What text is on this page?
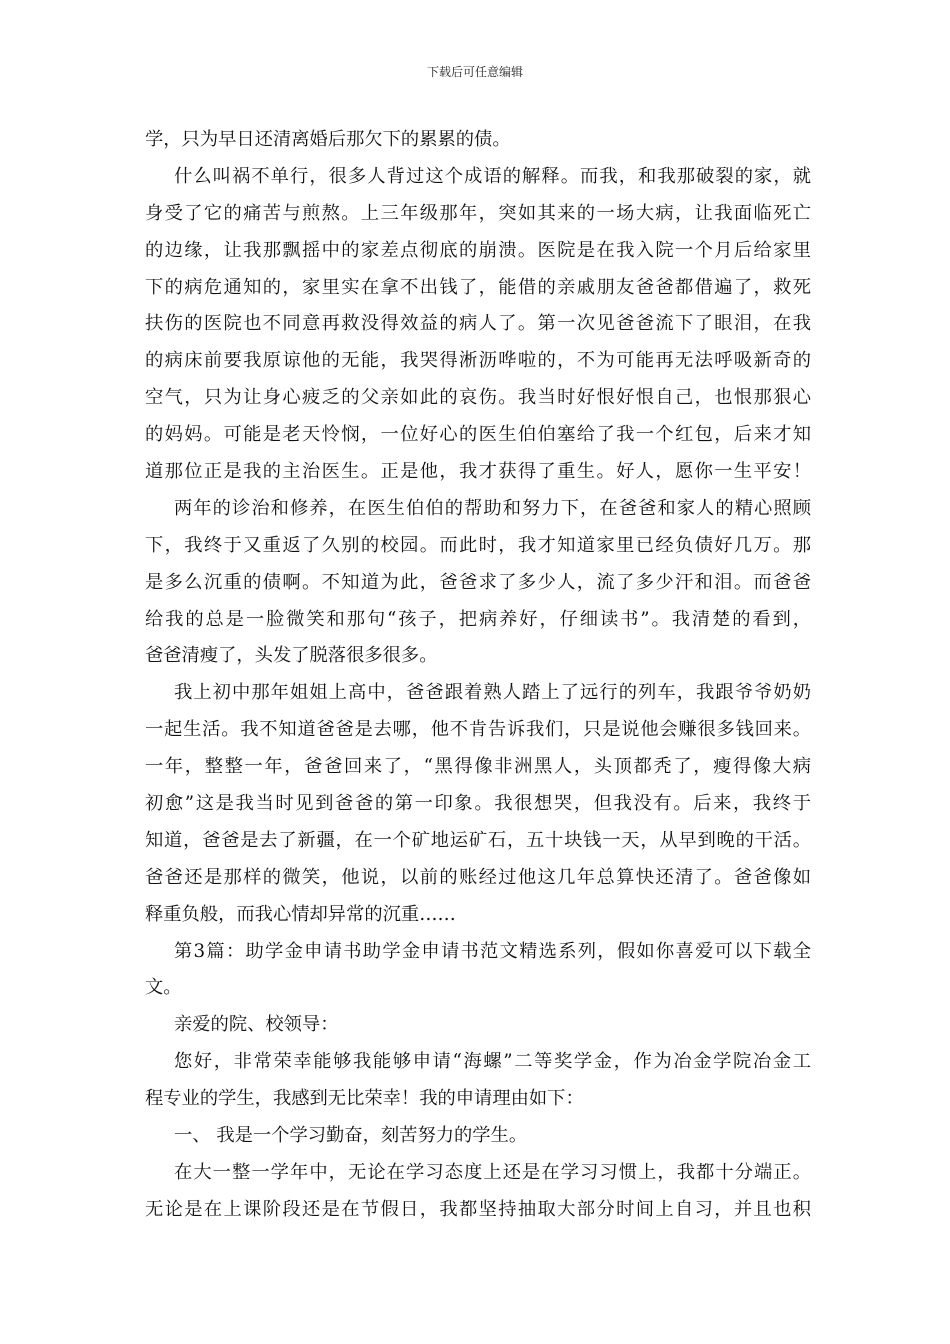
下载后可任意编辑
学，只为早日还清离婚后那欠下的累累的债。
什么叫祸不单行，很多人背过这个成语的解释。而我，和我那破裂的家，就
身受了它的痛苦与煎熬。上三年级那年，突如其来的一场大病，让我面临死亡
的边缘，让我那飘摇中的家差点彻底的崩溃。医院是在我入院一个月后给家里
下的病危通知的，家里实在拿不出钱了，能借的亲戚朋友爸爸都借遍了，救死
扶伤的医院也不同意再救没得效益的病人了。第一次见爸爸流下了眼泪，在我
的病床前要我原谅他的无能，我哭得淅沥哗啦的，不为可能再无法呼吸新奇的
空气，只为让身心疲乏的父亲如此的哀伤。我当时好恨好恨自己，也恨那狠心
的妈妈。可能是老天怜悯，一位好心的医生伯伯塞给了我一个红包，后来才知
道那位正是我的主治医生。正是他，我才获得了重生。好人，愿你一生平安！
两年的诊治和修养，在医生伯伯的帮助和努力下，在爸爸和家人的精心照顾
下，我终于又重返了久别的校园。而此时，我才知道家里已经负债好几万。那
是多么沉重的债啊。不知道为此，爸爸求了多少人，流了多少汗和泪。而爸爸
给我的总是一脸微笑和那句“孩子，把病养好，仔细读书”。我清楚的看到，
爸爸清瘦了，头发了脱落很多很多。
我上初中那年姐姐上高中，爸爸跟着熟人踏上了远行的列车，我跟爷爷奶奶
一起生活。我不知道爸爸是去哪，他不肯告诉我们，只是说他会赚很多钱回来。
一年，整整一年，爸爸回来了，“黑得像非洲黑人，头顶都秃了，瘦得像大病
初愈”这是我当时见到爸爸的第一印象。我很想哭，但我没有。后来，我终于
知道，爸爸是去了新疆，在一个矿地运矿石，五十块钱一天，从早到晚的干活。
爸爸还是那样的微笑，他说，以前的账经过他这几年总算快还清了。爸爸像如
释重负般，而我心情却异常的沉重……
第3篇：助学金申请书助学金申请书范文精选系列，假如你喜爱可以下载全
文。
亲爱的院、校领导：
您好，非常荣幸能够我能够申请“海螺”二等奖学金，作为冶金学院冶金工
程专业的学生，我感到无比荣幸！我的申请理由如下：
一、 我是一个学习勤奋，刻苦努力的学生。
在大一整一学年中，无论在学习态度上还是在学习习惯上，我都十分端正。
无论是在上课阶段还是在节假日，我都坚持抽取大部分时间上自习，并且也积
